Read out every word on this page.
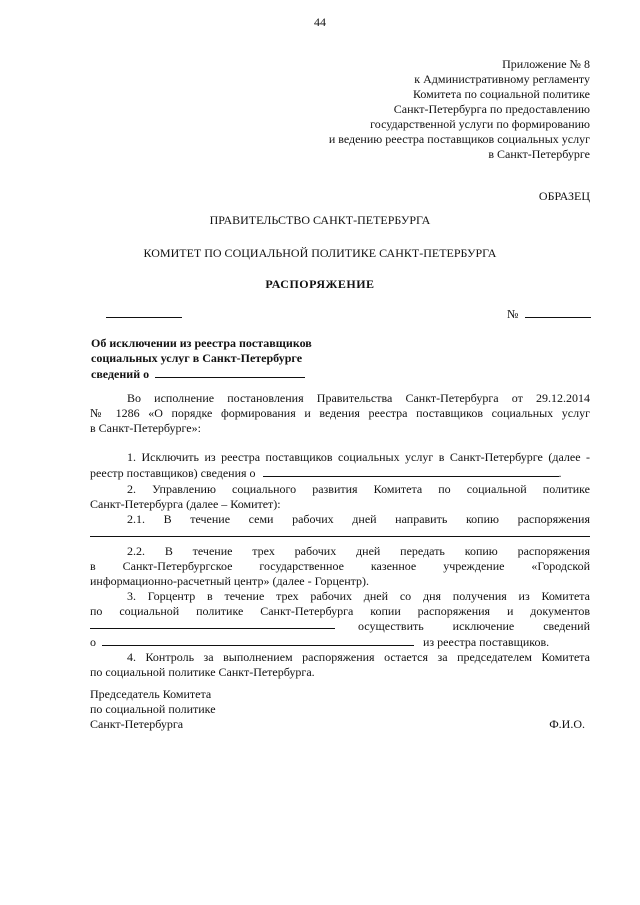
44
Приложение № 8
к Административному регламенту
Комитета по социальной политике
Санкт-Петербурга по предоставлению
государственной услуги по формированию
и ведению реестра поставщиков социальных услуг
в Санкт-Петербурге
ОБРАЗЕЦ
ПРАВИТЕЛЬСТВО САНКТ-ПЕТЕРБУРГА
КОМИТЕТ ПО СОЦИАЛЬНОЙ ПОЛИТИКЕ САНКТ-ПЕТЕРБУРГА
РАСПОРЯЖЕНИЕ
№
Об исключении из реестра поставщиков
социальных услуг в Санкт-Петербурге
сведений о
Во исполнение постановления Правительства Санкт-Петербурга от 29.12.2014
№ 1286 «О порядке формирования и ведения реестра поставщиков социальных услуг
в Санкт-Петербурге»:
1. Исключить из реестра поставщиков социальных услуг в Санкт-Петербурге (далее -
реестр поставщиков) сведения о	.
2. Управлению социального развития Комитета по социальной политике
Санкт-Петербурга (далее – Комитет):
2.1. В течение семи рабочих дней направить копию распоряжения
2.2. В течение трех рабочих дней передать копию распоряжения
в Санкт-Петербургское государственное казенное учреждение «Городской
информационно-расчетный центр» (далее - Горцентр).
3. Горцентр в течение трех рабочих дней со дня получения из Комитета
по социальной политике Санкт-Петербурга копии распоряжения и документов
осуществить исключение сведений
о	из реестра поставщиков.
4. Контроль за выполнением распоряжения остается за председателем Комитета
по социальной политике Санкт-Петербурга.
Председатель Комитета
по социальной политике
Санкт-Петербурга	Ф.И.О.
